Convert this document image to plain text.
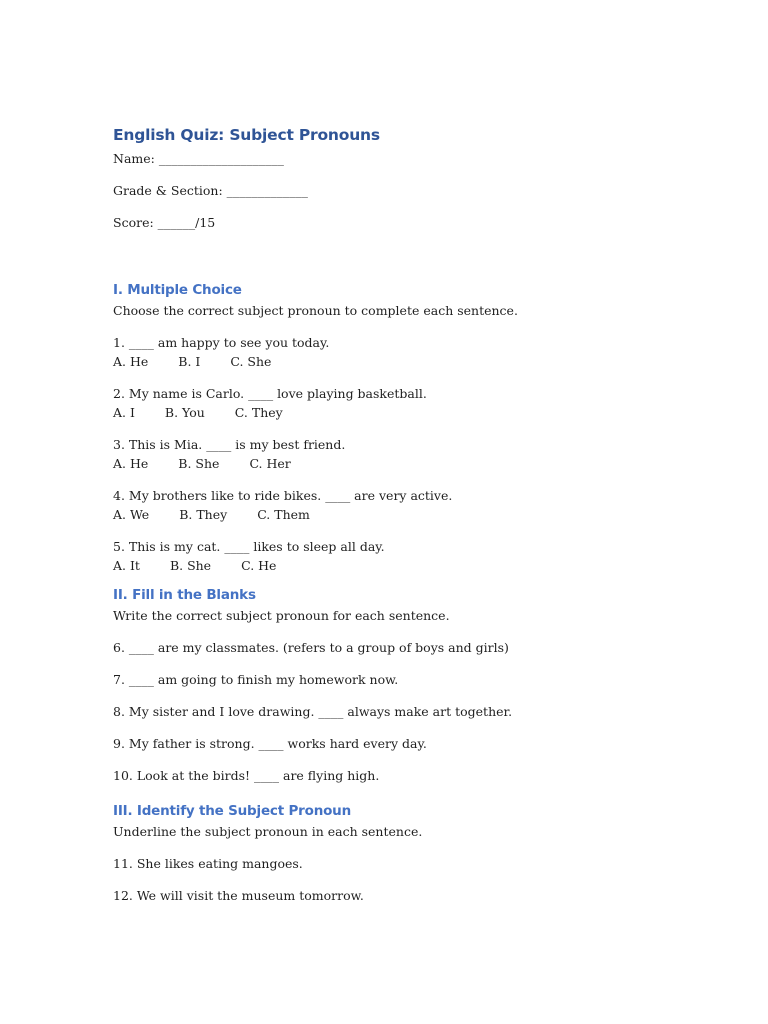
English Quiz: Subject Pronouns

Name: ____________________

Grade & Section: _____________

Score: ______/15

I. Multiple Choice

Choose the correct subject pronoun to complete each sentence.

1. ____ am happy to see you today.

A. He B. I C. She

2. My name is Carlo. ____ love playing basketball.

A. I B. You C. They

3. This is Mia. ____ is my best friend.

A. He B. She C. Her

4. My brothers like to ride bikes. ____ are very active.

A. We B. They C. Them

5. This is my cat. ____ likes to sleep all day.

A. It B. She C. He
II. Fill in the Blanks

Write the correct subject pronoun for each sentence.

6. ____ are my classmates. (refers to a group of boys and girls)

7. ____ am going to finish my homework now.

8. My sister and I love drawing. ____ always make art together.

9. My father is strong. ____ works hard every day.

10. Look at the birds! ____ are flying high.

III. Identify the Subject Pronoun

Underline the subject pronoun in each sentence.

11. She likes eating mangoes.

12. We will visit the museum tomorrow.
